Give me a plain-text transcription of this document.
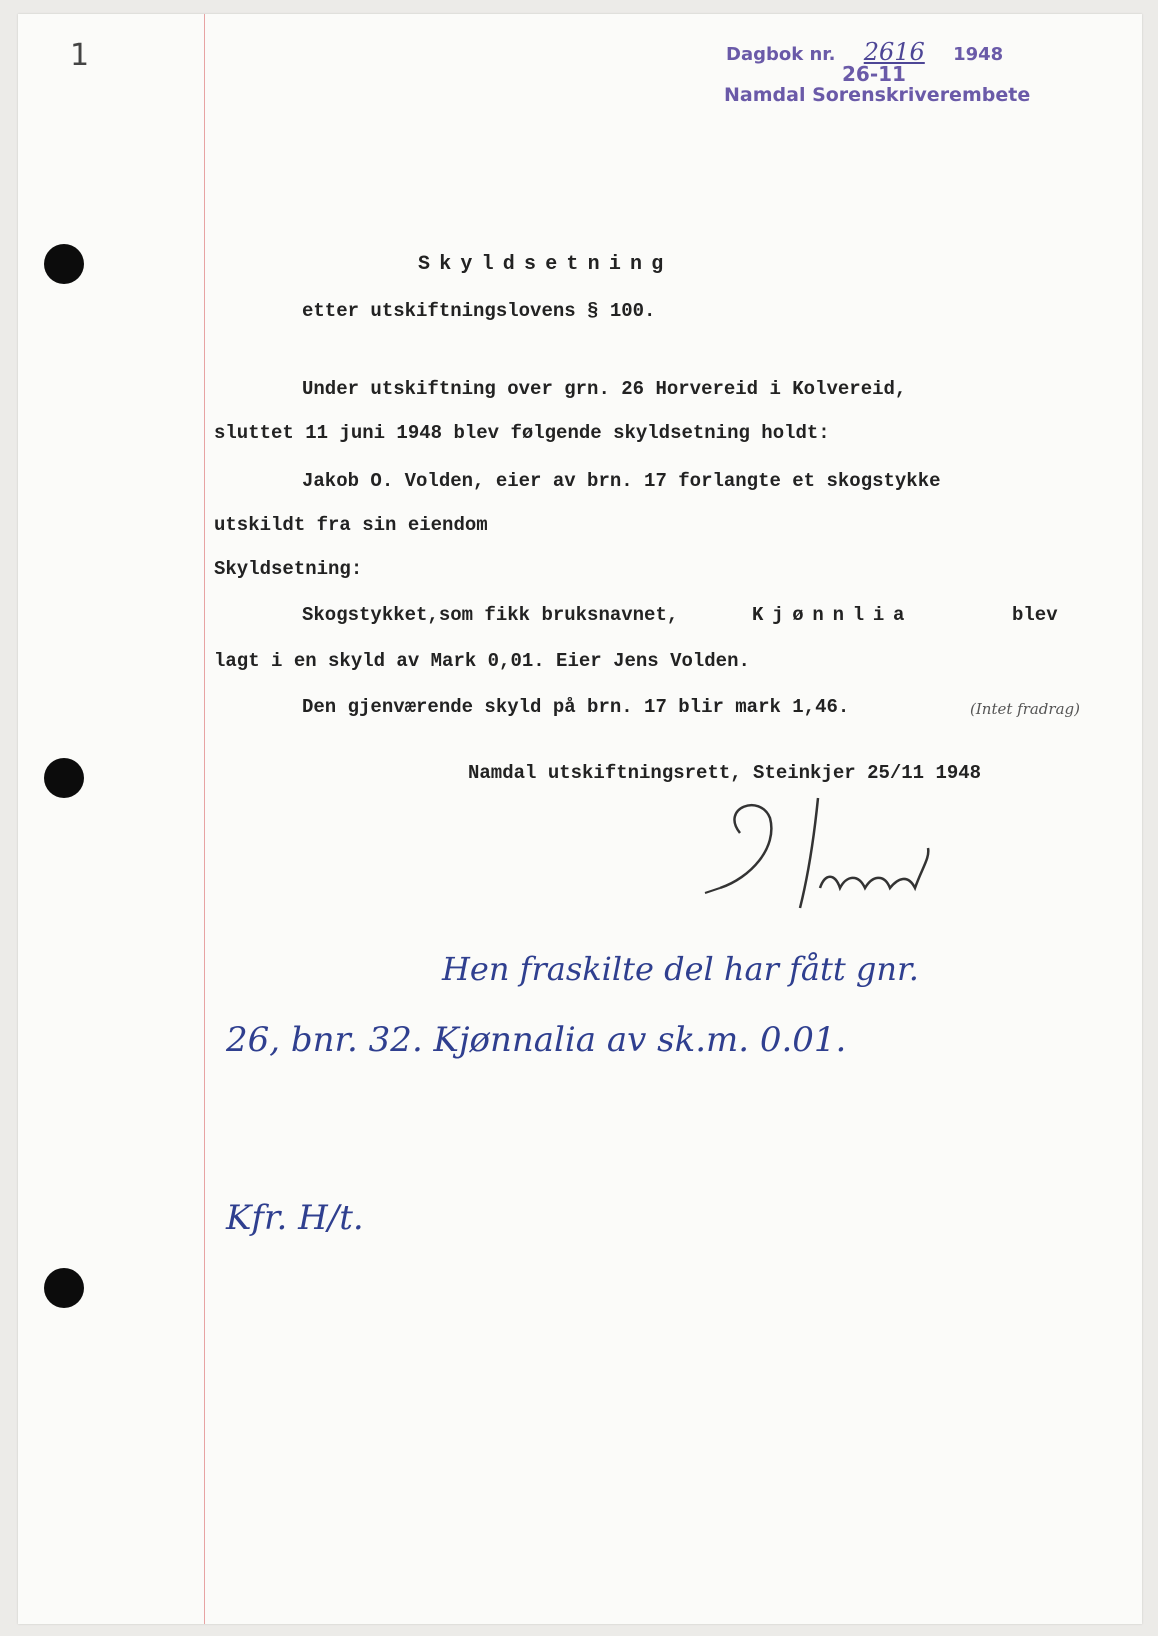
1	Dagbok nr. 2616 1948
26-11
Namdal Sorenskriverembete
Skyldsetning
etter utskiftningslovens § 100.
Under utskiftning over grn. 26 Horvereid i Kolvereid,
sluttet 11 juni 1948 blev følgende skyldsetning holdt:
Jakob O. Volden, eier av brn. 17 forlangte et skogstykke
utskildt fra sin eiendom
Skyldsetning:
Skogstykket,som fikk bruksnavnet,	Kjønnlia	blev
lagt i en skyld av Mark 0,01. Eier Jens Volden.
Den gjenværende skyld på brn. 17 blir mark 1,46.	(Intet fradrag)
Namdal utskiftningsrett, Steinkjer 25/11 1948
Hen fraskilte del har fått gnr.
26, bnr. 32. Kjønnalia av sk.m. 0.01.
Kfr. H/t.
